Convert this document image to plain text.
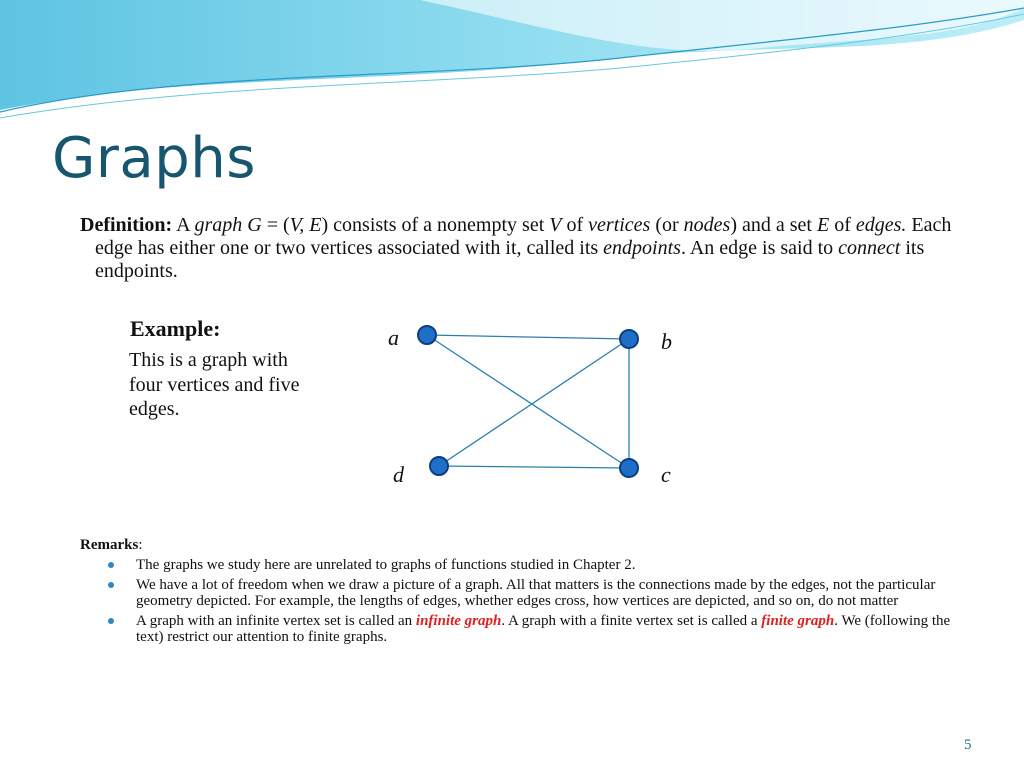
Graphs
Definition: A graph G = (V, E) consists of a nonempty set V of vertices (or nodes) and a set E of edges. Each edge has either one or two vertices associated with it, called its endpoints. An edge is said to connect its endpoints.
Example:
This is a graph with four vertices and five edges.
a	b
c
d
Remarks:
The graphs we study here are unrelated to graphs of functions studied in Chapter 2.
We have a lot of freedom when we draw a picture of a graph. All that matters is the connections made by the edges, not the particular geometry depicted. For example, the lengths of edges, whether edges cross, how vertices are depicted, and so on, do not matter
A graph with an infinite vertex set is called an infinite graph. A graph with a finite vertex set is called a finite graph. We (following the text) restrict our attention to finite graphs.
5
